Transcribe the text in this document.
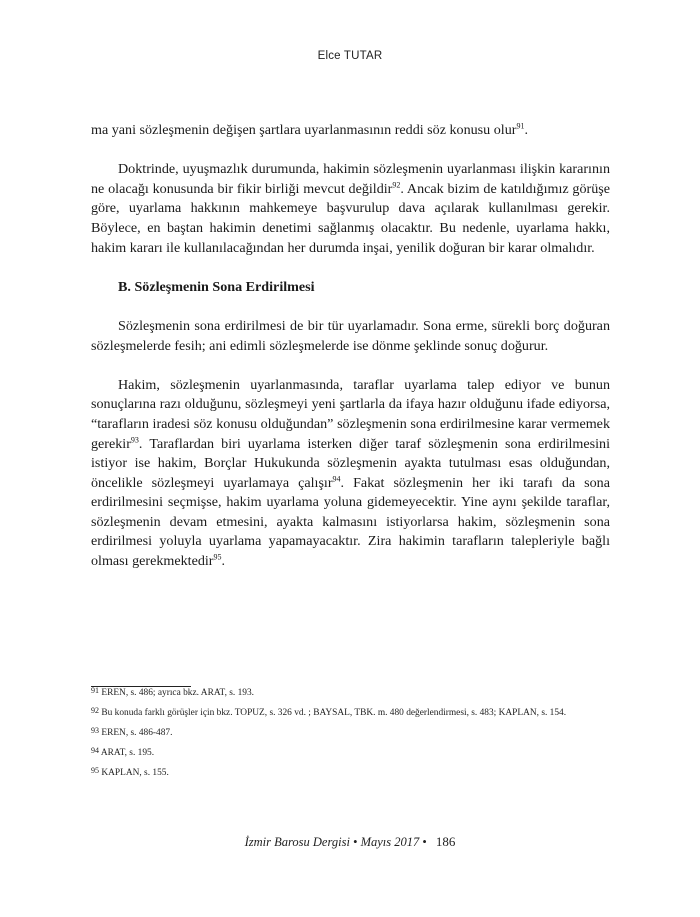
Elce TUTAR

ma yani sözleşmenin değişen şartlara uyarlanmasının reddi söz konusu olur$^{91}$.

Doktrinde, uyuşmazlık durumunda, hakimin sözleşmenin uyarlanması ilişkin kararının ne olacağı konusunda bir fikir birliği mevcut değildir$^{92}$. Ancak bizim de katıldığımız görüşe göre, uyarlama hakkının mahkemeye başvurulup dava açılarak kullanılması gerekir. Böylece, en baştan hakimin denetimi sağlanmış olacaktır. Bu nedenle, uyarlama hakkı, hakim kararı ile kullanılacağından her durumda inşai, yenilik doğuran bir karar olmalıdır.

B. Sözleşmenin Sona Erdirilmesi

Sözleşmenin sona erdirilmesi de bir tür uyarlamadır. Sona erme, sürekli borç doğuran sözleşmelerde fesih; ani edimli sözleşmelerde ise dönme şeklinde sonuç doğurur.

Hakim, sözleşmenin uyarlanmasında, taraflar uyarlama talep ediyor ve bunun sonuçlarına razı olduğunu, sözleşmeyi yeni şartlarla da ifaya hazır olduğunu ifade ediyorsa, “tarafların iradesi söz konusu olduğundan” sözleşmenin sona erdirilmesine karar vermemek gerekir$^{93}$. Taraflardan biri uyarlama isterken diğer taraf sözleşmenin sona erdirilmesini istiyor ise hakim, Borçlar Hukukunda sözleşmenin ayakta tutulması esas olduğundan, öncelikle sözleşmeyi uyarlamaya çalışır$^{94}$. Fakat sözleşmenin her iki tarafı da sona erdirilmesini seçmişse, hakim uyarlama yoluna gidemeyecektir. Yine aynı şekilde taraflar, sözleşmenin devam etmesini, ayakta kalmasını istiyorlarsa hakim, sözleşmenin sona erdirilmesi yoluyla uyarlama yapamayacaktır. Zira hakimin tarafların talepleriyle bağlı olması gerekmektedir$^{95}$.

$^{91}$ EREN, s. 486; ayrıca bkz. ARAT, s. 193.

$^{92}$ Bu konuda farklı görüşler için bkz. TOPUZ, s. 326 vd. ; BAYSAL, TBK. m. 480 değerlendirmesi, s. 483; KAPLAN, s. 154.

$^{93}$ EREN, s. 486-487.

$^{94}$ ARAT, s. 195.

$^{95}$ KAPLAN, s. 155.

İzmir Barosu Dergisi • Mayıs 2017 • 186
